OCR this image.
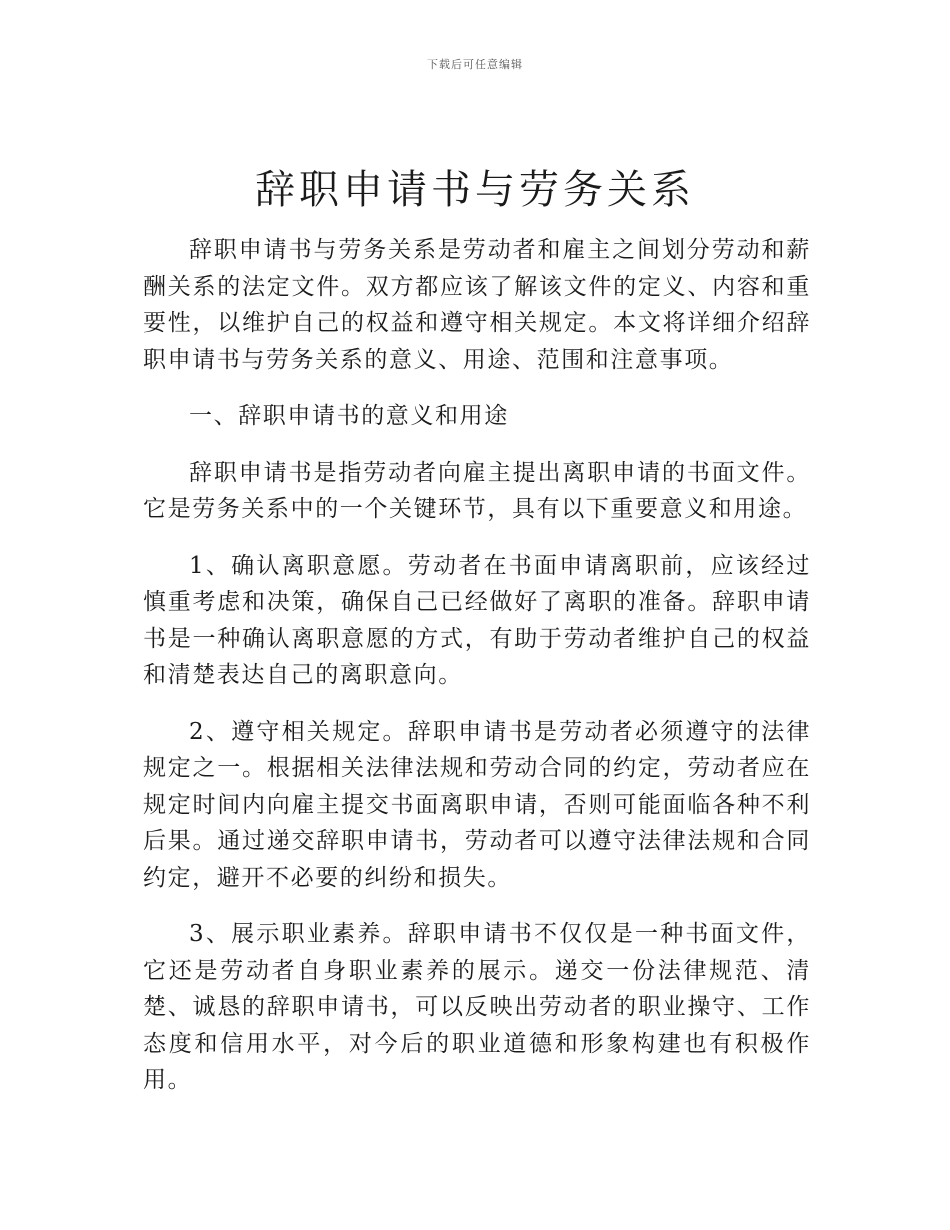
下载后可任意编辑
辞职申请书与劳务关系

辞职申请书与劳务关系是劳动者和雇主之间划分劳动和薪酬关系的法定文件。双方都应该了解该文件的定义、内容和重要性，以维护自己的权益和遵守相关规定。本文将详细介绍辞职申请书与劳务关系的意义、用途、范围和注意事项。

一、辞职申请书的意义和用途

辞职申请书是指劳动者向雇主提出离职申请的书面文件。它是劳务关系中的一个关键环节，具有以下重要意义和用途。

1、确认离职意愿。劳动者在书面申请离职前，应该经过慎重考虑和决策，确保自己已经做好了离职的准备。辞职申请书是一种确认离职意愿的方式，有助于劳动者维护自己的权益和清楚表达自己的离职意向。

2、遵守相关规定。辞职申请书是劳动者必须遵守的法律规定之一。根据相关法律法规和劳动合同的约定，劳动者应在规定时间内向雇主提交书面离职申请，否则可能面临各种不利后果。通过递交辞职申请书，劳动者可以遵守法律法规和合同约定，避开不必要的纠纷和损失。

3、展示职业素养。辞职申请书不仅仅是一种书面文件，它还是劳动者自身职业素养的展示。递交一份法律规范、清楚、诚恳的辞职申请书，可以反映出劳动者的职业操守、工作态度和信用水平，对今后的职业道德和形象构建也有积极作用。
